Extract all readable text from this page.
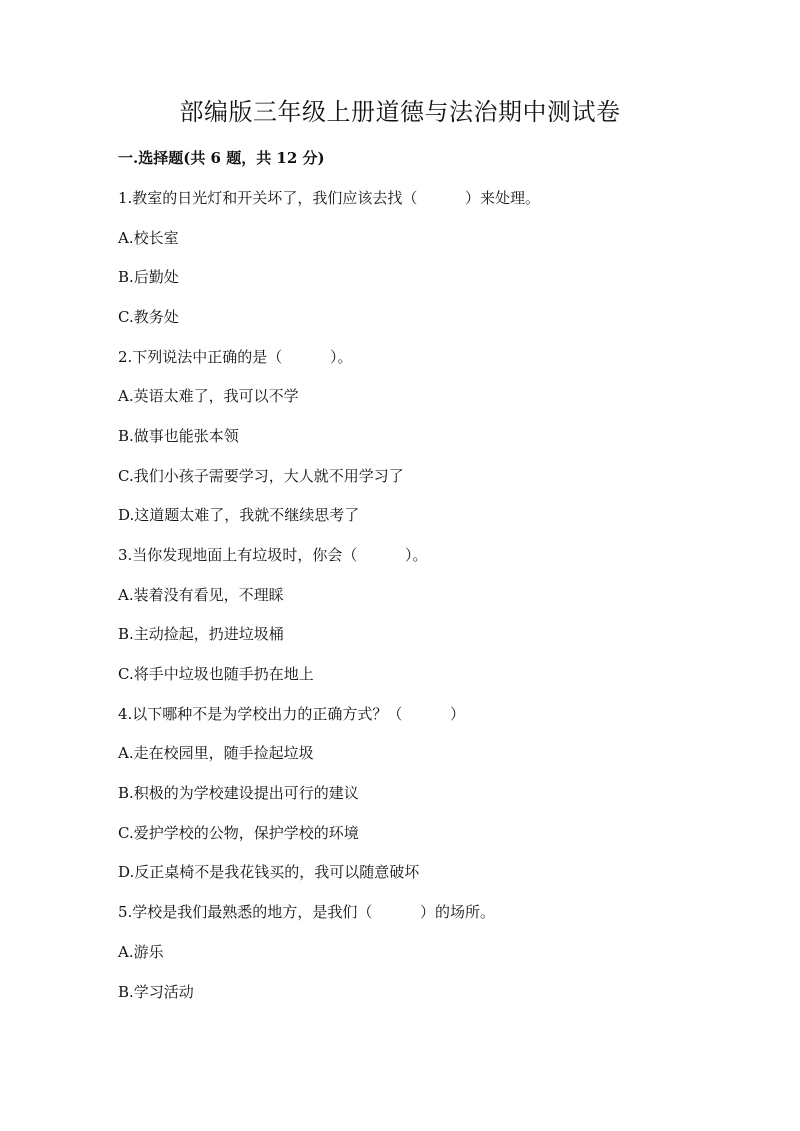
部编版三年级上册道德与法治期中测试卷
一.选择题(共 6 题，共 12 分)
1.教室的日光灯和开关坏了，我们应该去找（          ）来处理。
A.校长室
B.后勤处
C.教务处
2.下列说法中正确的是（          ）。
A.英语太难了，我可以不学
B.做事也能张本领
C.我们小孩子需要学习，大人就不用学习了
D.这道题太难了，我就不继续思考了
3.当你发现地面上有垃圾时，你会（          ）。
A.装着没有看见，不理睬
B.主动捡起，扔进垃圾桶
C.将手中垃圾也随手扔在地上
4.以下哪种不是为学校出力的正确方式？（          ）
A.走在校园里，随手捡起垃圾
B.积极的为学校建设提出可行的建议
C.爱护学校的公物，保护学校的环境
D.反正桌椅不是我花钱买的，我可以随意破坏
5.学校是我们最熟悉的地方，是我们（          ）的场所。
A.游乐
B.学习活动
